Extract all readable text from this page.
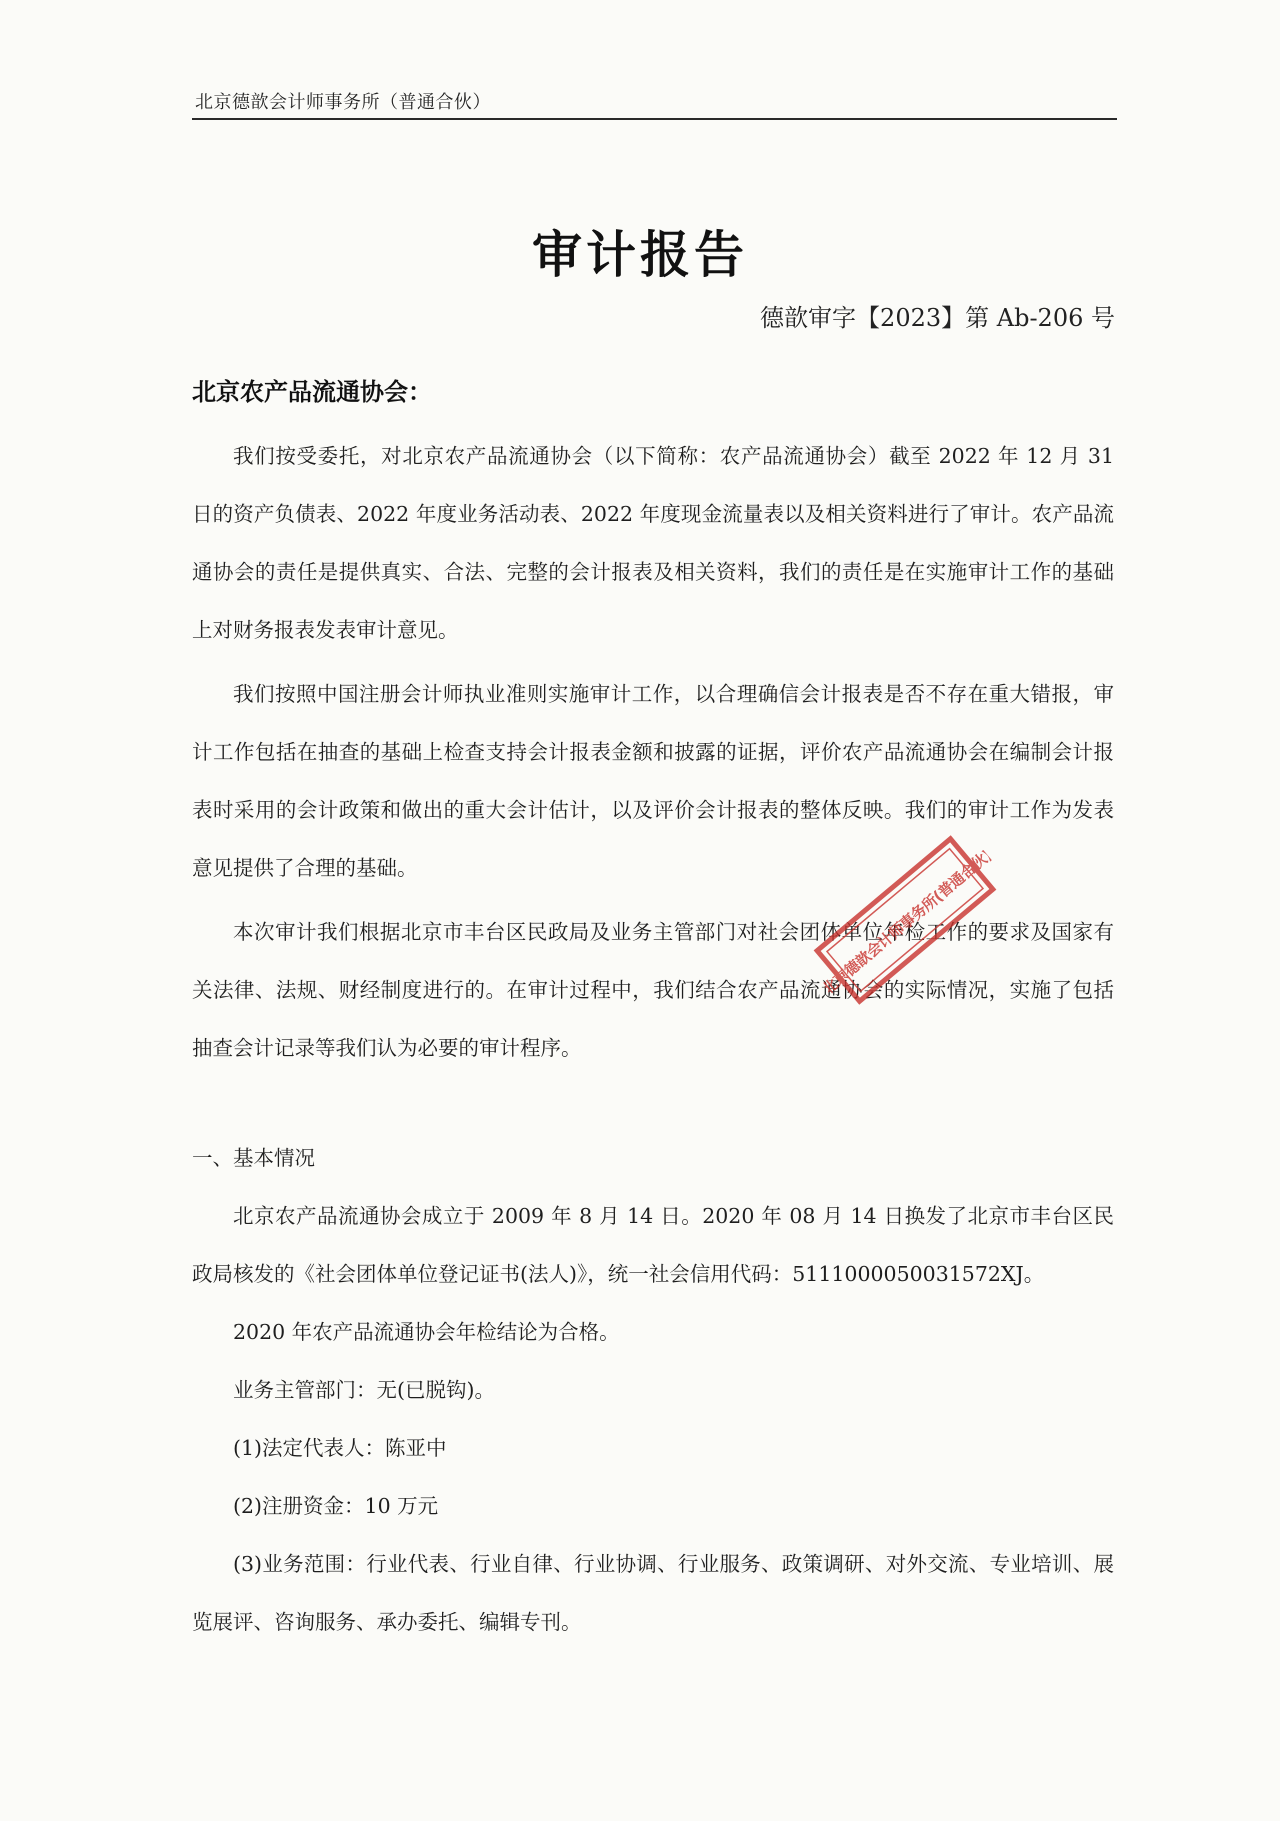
北京德歆会计师事务所（普通合伙）
审计报告
德歆审字【2023】第 Ab-206 号
北京农产品流通协会：

我们按受委托，对北京农产品流通协会（以下简称：农产品流通协会）截至 2022 年 12 月 31 日的资产负债表、2022 年度业务活动表、2022 年度现金流量表以及相关资料进行了审计。农产品流通协会的责任是提供真实、合法、完整的会计报表及相关资料，我们的责任是在实施审计工作的基础上对财务报表发表审计意见。

我们按照中国注册会计师执业准则实施审计工作，以合理确信会计报表是否不存在重大错报，审计工作包括在抽查的基础上检查支持会计报表金额和披露的证据，评价农产品流通协会在编制会计报表时采用的会计政策和做出的重大会计估计，以及评价会计报表的整体反映。我们的审计工作为发表意见提供了合理的基础。

本次审计我们根据北京市丰台区民政局及业务主管部门对社会团体单位年检工作的要求及国家有关法律、法规、财经制度进行的。在审计过程中，我们结合农产品流通协会的实际情况，实施了包括抽查会计记录等我们认为必要的审计程序。

一、基本情况

北京农产品流通协会成立于 2009 年 8 月 14 日。2020 年 08 月 14 日换发了北京市丰台区民政局核发的《社会团体单位登记证书(法人)》，统一社会信用代码：5111000050031572XJ。

2020 年农产品流通协会年检结论为合格。

业务主管部门：无(已脱钩)。

(1)法定代表人：陈亚中

(2)注册资金：10 万元

(3)业务范围：行业代表、行业自律、行业协调、行业服务、政策调研、对外交流、专业培训、展览展评、咨询服务、承办委托、编辑专刊。

北京德歆会计师事务所(普通合伙)
